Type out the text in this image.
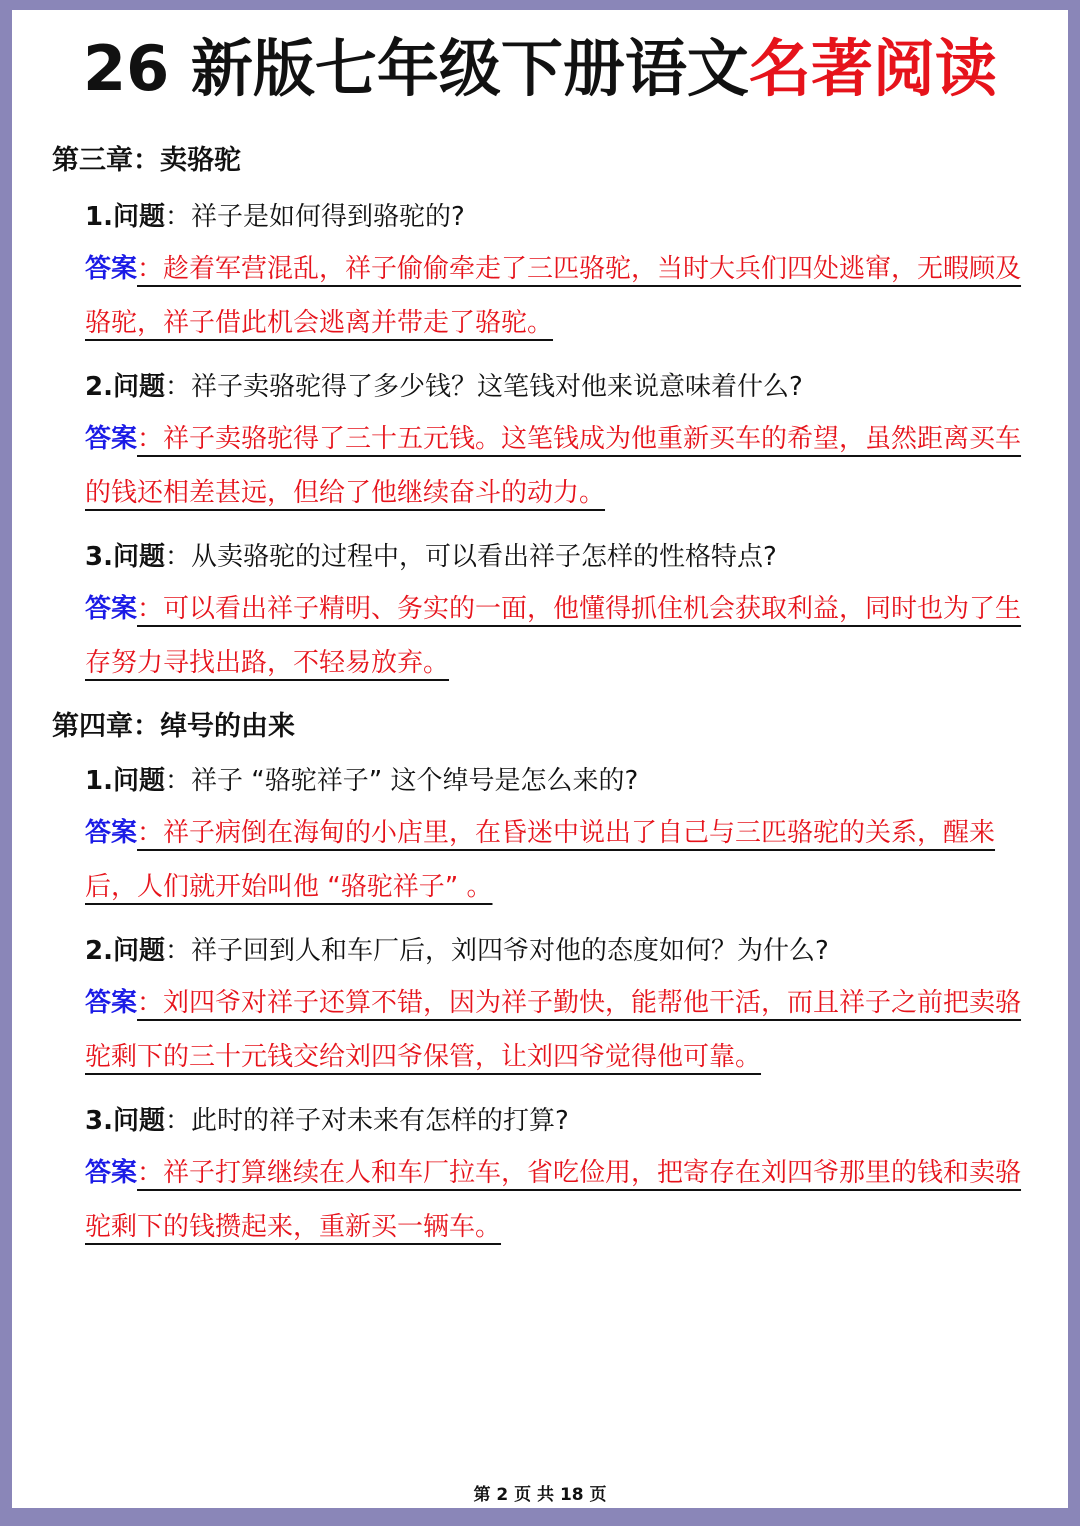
26 新版七年级下册语文名著阅读
第三章：卖骆驼
1.问题：祥子是如何得到骆驼的?
答案：趁着军营混乱，祥子偷偷牵走了三匹骆驼，当时大兵们四处逃窜，无暇顾及骆驼，祥子借此机会逃离并带走了骆驼。
2.问题：祥子卖骆驼得了多少钱？这笔钱对他来说意味着什么?
答案：祥子卖骆驼得了三十五元钱。这笔钱成为他重新买车的希望，虽然距离买车的钱还相差甚远，但给了他继续奋斗的动力。
3.问题：从卖骆驼的过程中，可以看出祥子怎样的性格特点?
答案：可以看出祥子精明、务实的一面，他懂得抓住机会获取利益，同时也为了生存努力寻找出路，不轻易放弃。
第四章：绰号的由来
1.问题：祥子 “骆驼祥子” 这个绰号是怎么来的?
答案：祥子病倒在海甸的小店里，在昏迷中说出了自己与三匹骆驼的关系，醒来后，人们就开始叫他 “骆驼祥子” 。
2.问题：祥子回到人和车厂后，刘四爷对他的态度如何？为什么?
答案：刘四爷对祥子还算不错，因为祥子勤快，能帮他干活，而且祥子之前把卖骆驼剩下的三十元钱交给刘四爷保管，让刘四爷觉得他可靠。
3.问题：此时的祥子对未来有怎样的打算?
答案：祥子打算继续在人和车厂拉车，省吃俭用，把寄存在刘四爷那里的钱和卖骆驼剩下的钱攒起来，重新买一辆车。
第 2 页 共 18 页
